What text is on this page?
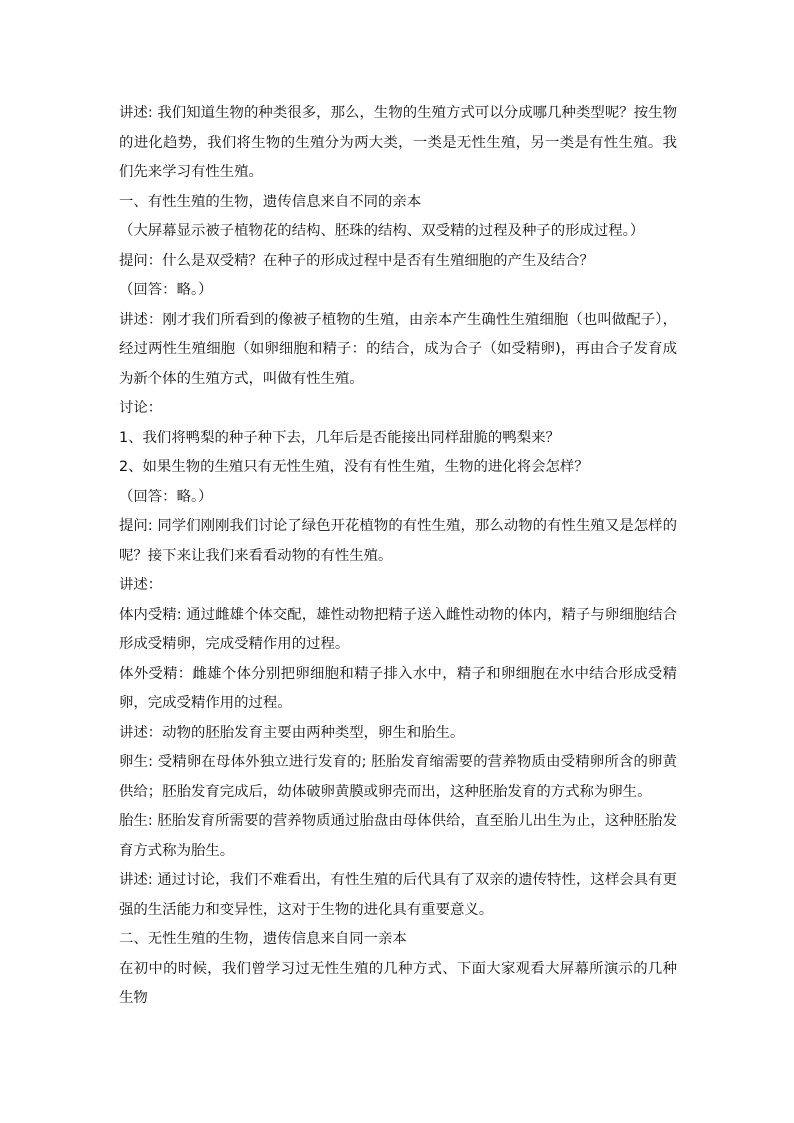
讲述: 我们知道生物的种类很多，那么，生物的生殖方式可以分成哪几种类型呢？按生物的进化趋势，我们将生物的生殖分为两大类，一类是无性生殖，另一类是有性生殖。我们先来学习有性生殖。

一、有性生殖的生物，遗传信息来自不同的亲本

（大屏幕显示被子植物花的结构、胚珠的结构、双受精的过程及种子的形成过程。）

提问：什么是双受精？在种子的形成过程中是否有生殖细胞的产生及结合？

（回答：略。）

讲述：刚才我们所看到的像被子植物的生殖，由亲本产生确性生殖细胞（也叫做配子），经过两性生殖细胞（如卵细胞和精子：的结合，成为合子（如受精卵)，再由合子发育成为新个体的生殖方式，叫做有性生殖。

讨论：

1、我们将鸭梨的种子种下去，几年后是否能接出同样甜脆的鸭梨来？

2、如果生物的生殖只有无性生殖，没有有性生殖，生物的进化将会怎样？

（回答：略。）

提问: 同学们刚刚我们讨论了绿色开花植物的有性生殖，那么动物的有性生殖又是怎样的呢？接下来让我们来看看动物的有性生殖。

讲述：

体内受精: 通过雌雄个体交配，雄性动物把精子送入雌性动物的体内，精子与卵细胞结合形成受精卵，完成受精作用的过程。

体外受精：雌雄个体分别把卵细胞和精子排入水中，精子和卵细胞在水中结合形成受精卵，完成受精作用的过程。

讲述：动物的胚胎发育主要由两种类型，卵生和胎生。

卵生: 受精卵在母体外独立进行发育的; 胚胎发育缩需要的营养物质由受精卵所含的卵黄供给；胚胎发育完成后，幼体破卵黄膜或卵壳而出，这种胚胎发育的方式称为卵生。

胎生: 胚胎发育所需要的营养物质通过胎盘由母体供给，直至胎儿出生为止，这种胚胎发育方式称为胎生。

讲述: 通过讨论，我们不难看出，有性生殖的后代具有了双亲的遗传特性，这样会具有更强的生活能力和变异性，这对于生物的进化具有重要意义。

二、无性生殖的生物，遗传信息来自同一亲本

在初中的时候，我们曾学习过无性生殖的几种方式、下面大家观看大屏幕所演示的几种生物
